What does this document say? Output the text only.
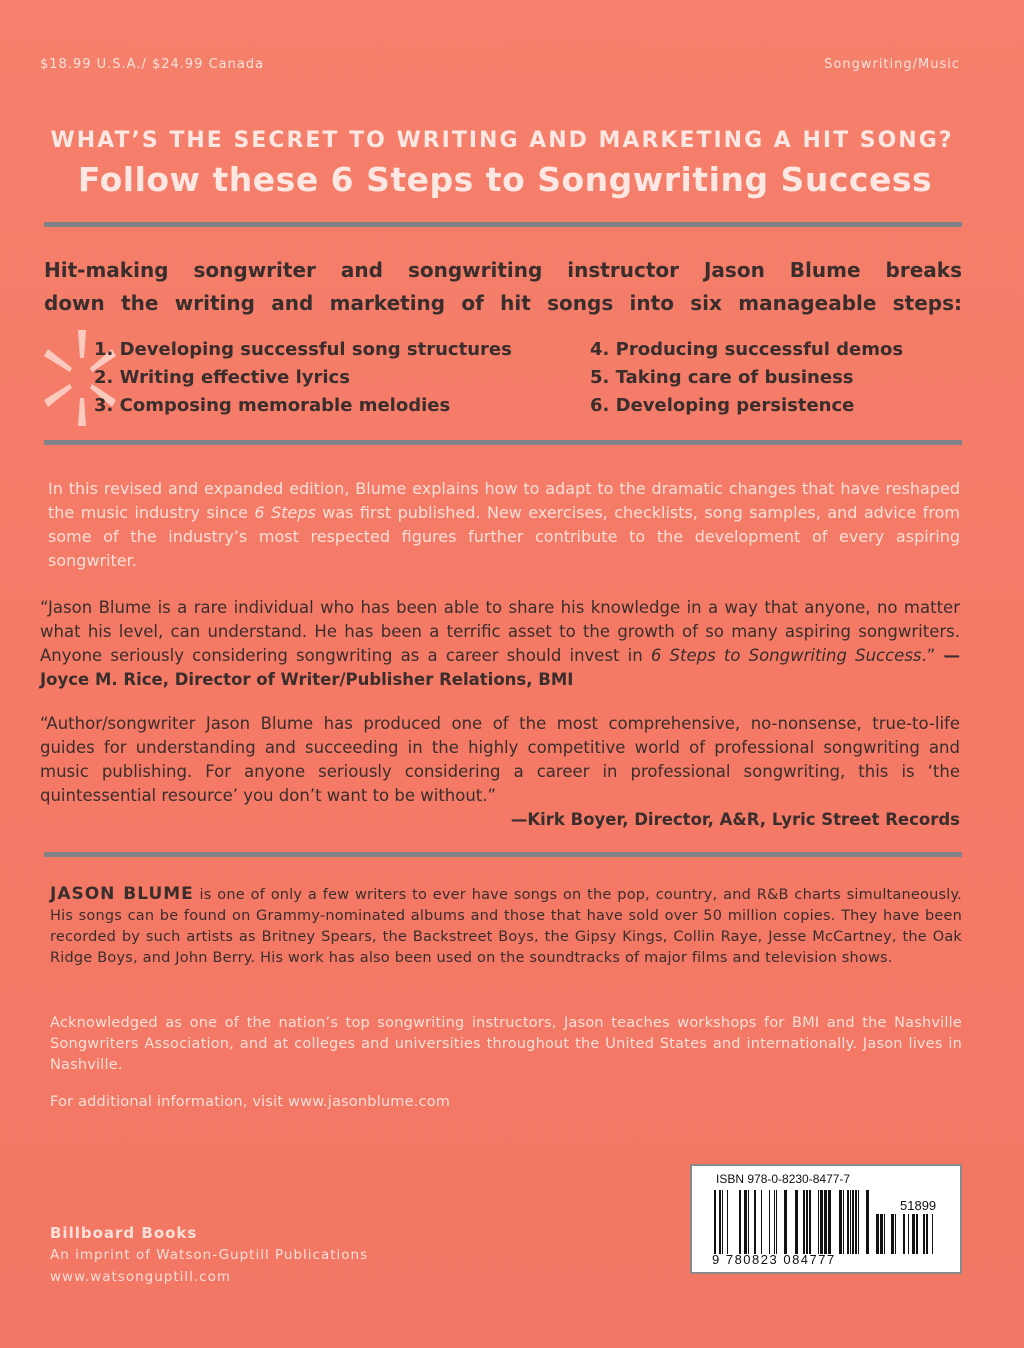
$18.99 U.S.A./ $24.99 Canada	Songwriting/Music
WHAT’S THE SECRET TO WRITING AND MARKETING A HIT SONG?
Follow these 6 Steps to Songwriting Success
Hit-making songwriter and songwriting instructor Jason Blume breaks
down the writing and marketing of hit songs into six manageable steps:
1. Developing successful song structures
2. Writing effective lyrics
3. Composing memorable melodies
4. Producing successful demos
5. Taking care of business
6. Developing persistence
In this revised and expanded edition, Blume explains how to adapt to the dramatic changes that have reshaped the music industry since 6 Steps was first published. New exercises, checklists, song samples, and advice from some of the industry’s most respected figures further contribute to the development of every aspiring songwriter.
“Jason Blume is a rare individual who has been able to share his knowledge in a way that anyone, no matter what his level, can understand. He has been a terrific asset to the growth of so many aspiring songwriters. Anyone seriously considering songwriting as a career should invest in 6 Steps to Songwriting Success.” —Joyce M. Rice, Director of Writer/Publisher Relations, BMI
“Author/songwriter Jason Blume has produced one of the most comprehensive, no-nonsense, true-to-life guides for understanding and succeeding in the highly competitive world of professional songwriting and music publishing. For anyone seriously considering a career in professional songwriting, this is ‘the quintessential resource’ you don’t want to be without.”
—Kirk Boyer, Director, A&R, Lyric Street Records
JASON BLUME is one of only a few writers to ever have songs on the pop, country, and R&B charts simultaneously. His songs can be found on Grammy-nominated albums and those that have sold over 50 million copies. They have been recorded by such artists as Britney Spears, the Backstreet Boys, the Gipsy Kings, Collin Raye, Jesse McCartney, the Oak Ridge Boys, and John Berry. His work has also been used on the soundtracks of major films and television shows.
Acknowledged as one of the nation’s top songwriting instructors, Jason teaches workshops for BMI and the Nashville Songwriters Association, and at colleges and universities throughout the United States and internationally. Jason lives in Nashville.
For additional information, visit www.jasonblume.com
Billboard Books
An imprint of Watson-Guptill Publications
www.watsonguptill.com
ISBN 978-0-8230-8477-7
51899
9 780823 084777
